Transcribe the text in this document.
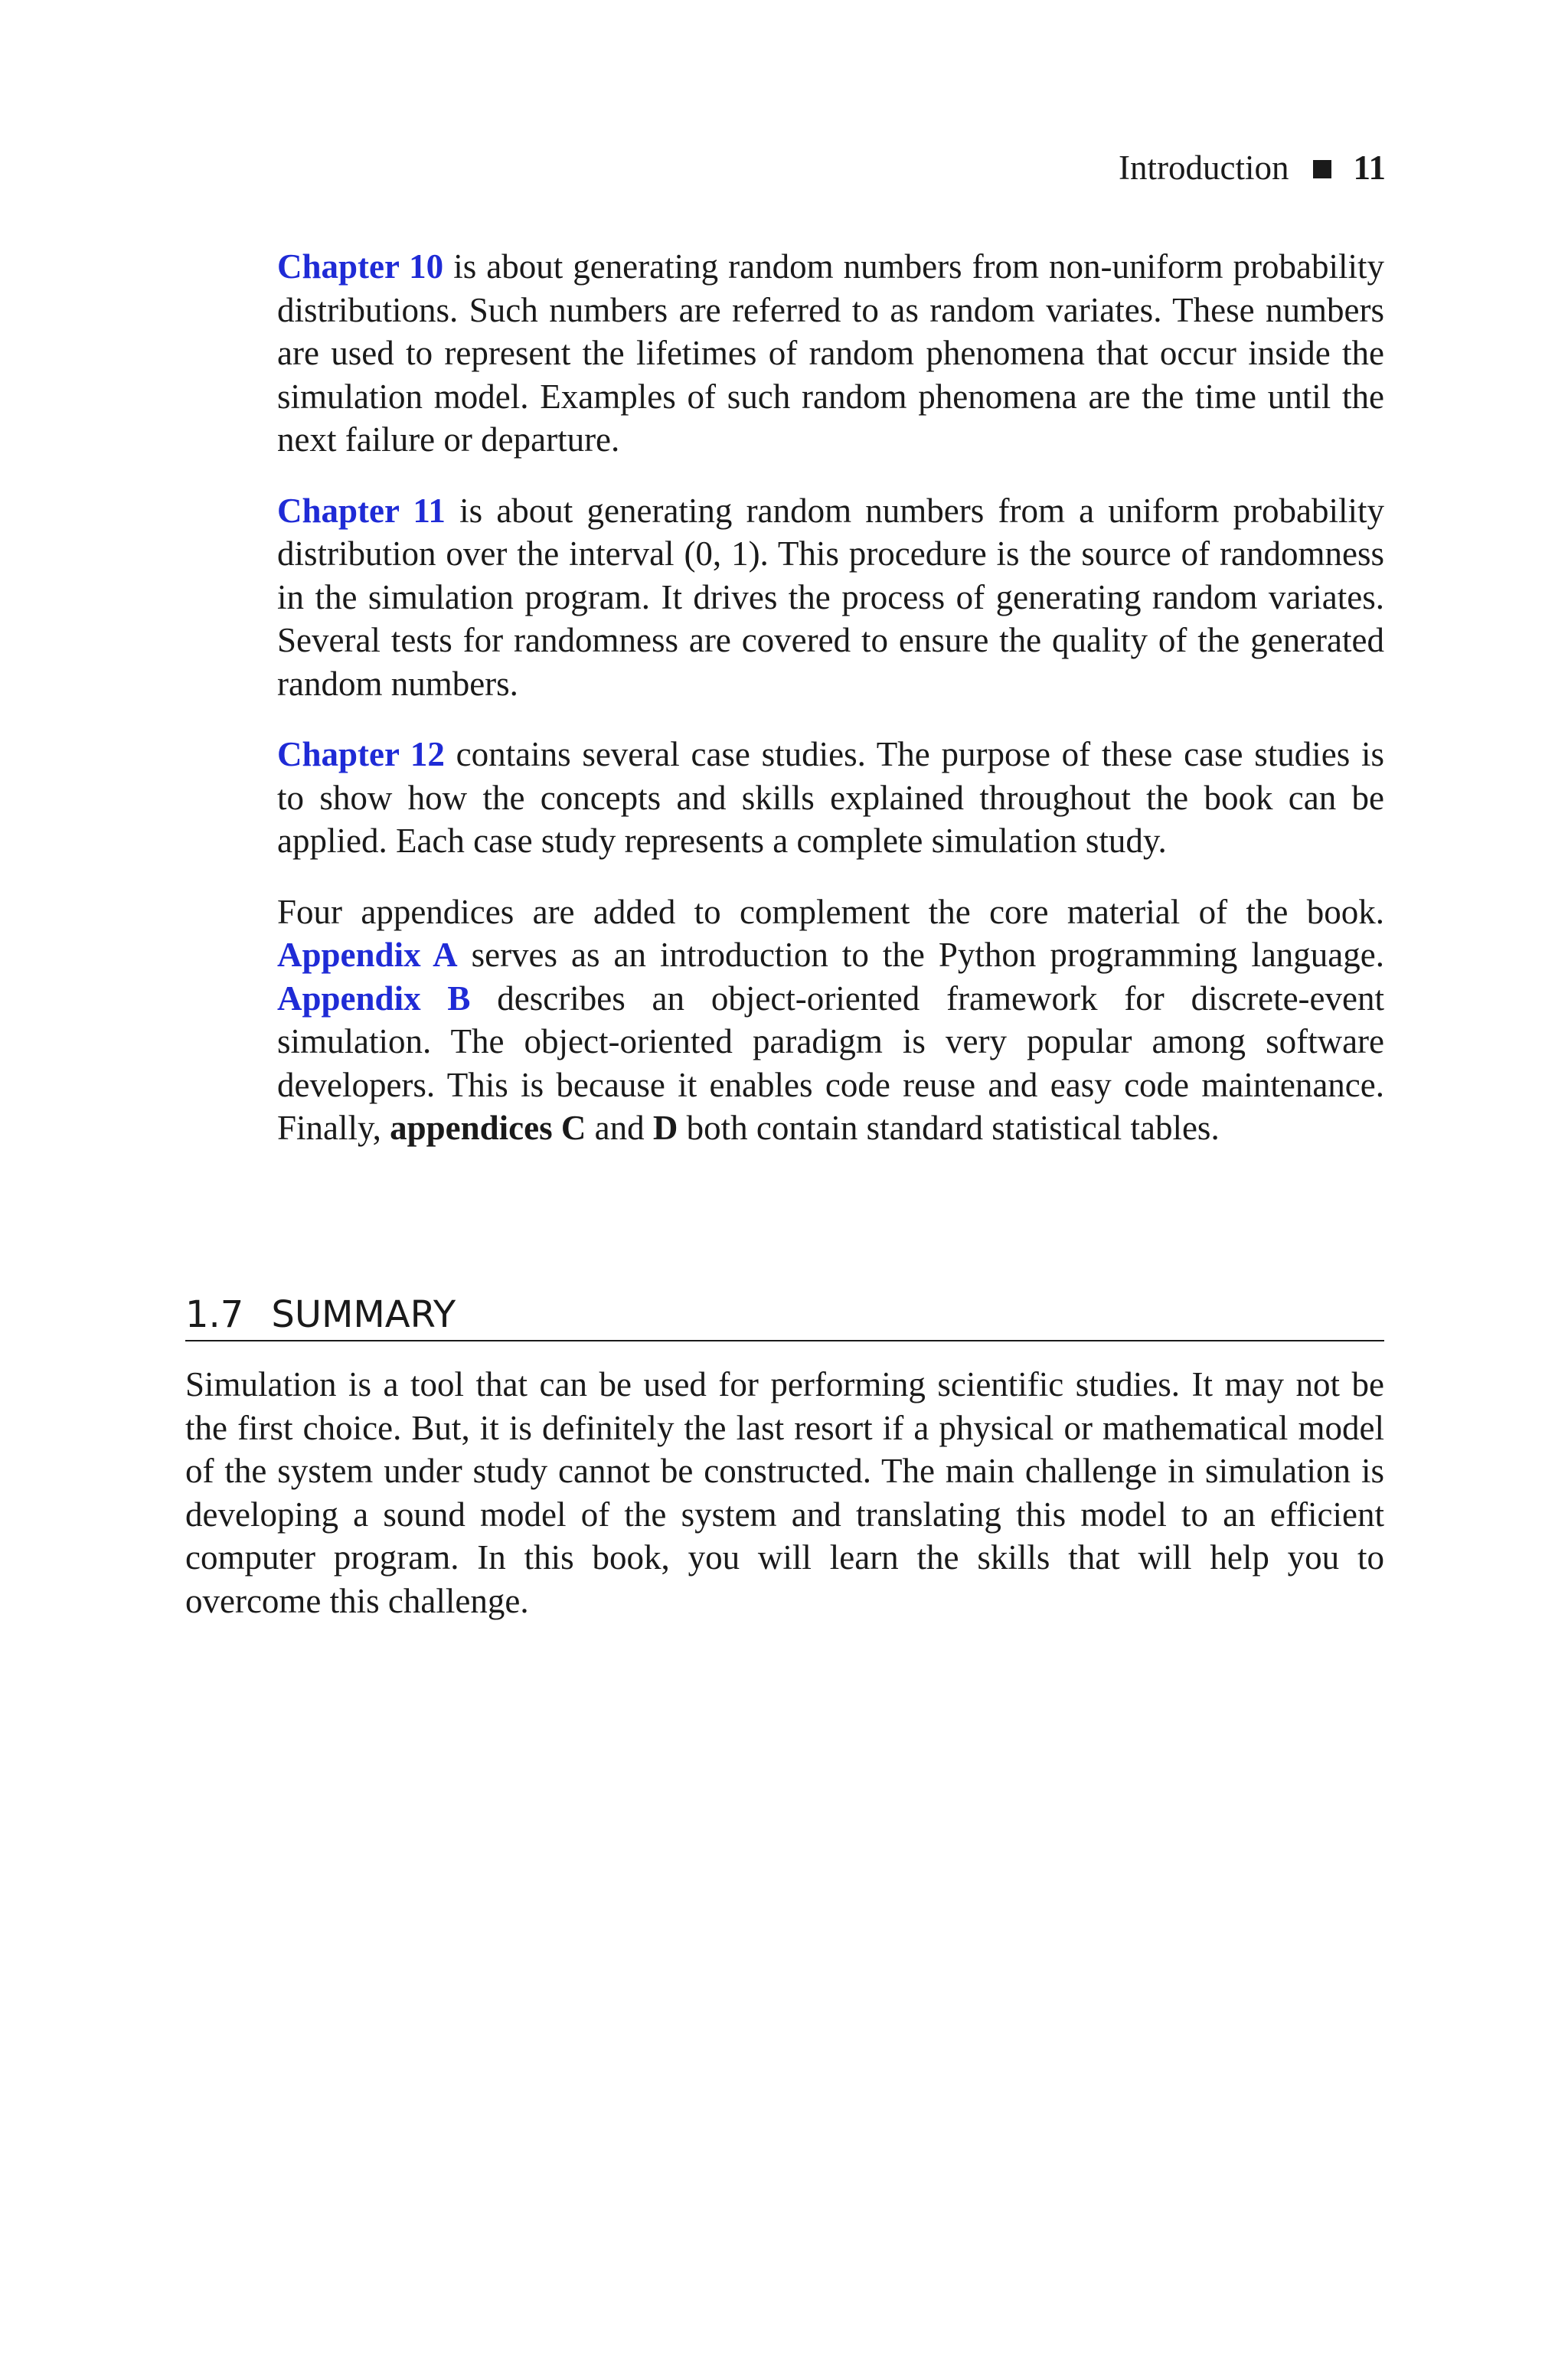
Introduction 11

Chapter 10 is about generating random numbers from non-uniform probability distributions. Such numbers are referred to as random variates. These numbers are used to represent the lifetimes of random phenomena that occur inside the simulation model. Examples of such random phenomena are the time until the next failure or departure.

Chapter 11 is about generating random numbers from a uniform probability distribution over the interval (0, 1). This procedure is the source of randomness in the simulation program. It drives the process of generating random variates. Several tests for randomness are covered to ensure the quality of the generated random numbers.

Chapter 12 contains several case studies. The purpose of these case studies is to show how the concepts and skills explained throughout the book can be applied. Each case study represents a complete simulation study.

Four appendices are added to complement the core material of the book. Appendix A serves as an introduction to the Python programming language. Appendix B describes an object-oriented framework for discrete-event simulation. The object-oriented paradigm is very popular among software developers. This is because it enables code reuse and easy code maintenance. Finally, appendices C and D both contain standard statistical tables.

1.7 SUMMARY

Simulation is a tool that can be used for performing scientific studies. It may not be the first choice. But, it is definitely the last resort if a physical or mathematical model of the system under study cannot be constructed. The main challenge in simulation is developing a sound model of the system and translating this model to an efficient computer program. In this book, you will learn the skills that will help you to overcome this challenge.
